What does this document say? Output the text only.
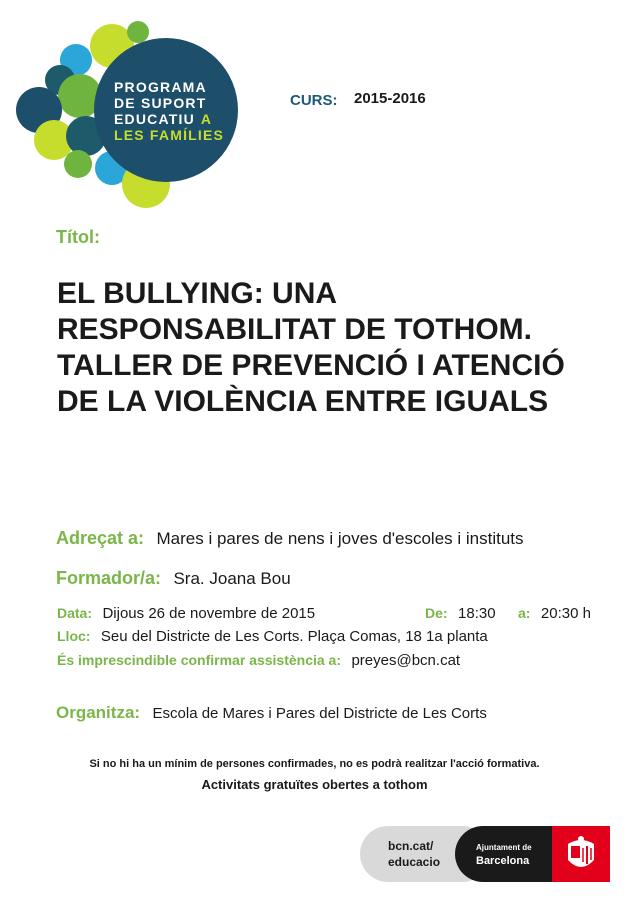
PROGRAMA
DE SUPORT
EDUCATIU A
LES FAMÍLIES
CURS: 2015-2016
Títol:
EL BULLYING: UNA
RESPONSABILITAT DE TOTHOM.
TALLER DE PREVENCIÓ I ATENCIÓ
DE LA VIOLÈNCIA ENTRE IGUALS
Adreçat a: Mares i pares de nens i joves d'escoles i instituts
Formador/a: Sra. Joana Bou
Data: Dijous 26 de novembre de 2015	De: 18:30 a: 20:30 h
Lloc: Seu del Districte de Les Corts. Plaça Comas, 18 1a planta
És imprescindible confirmar assistència a: preyes@bcn.cat
Organitza: Escola de Mares i Pares del Districte de Les Corts
Si no hi ha un mínim de persones confirmades, no es podrà realitzar l'acció formativa.
Activitats gratuïtes obertes a tothom
bcn.cat/
educacio
Ajuntament de
Barcelona
